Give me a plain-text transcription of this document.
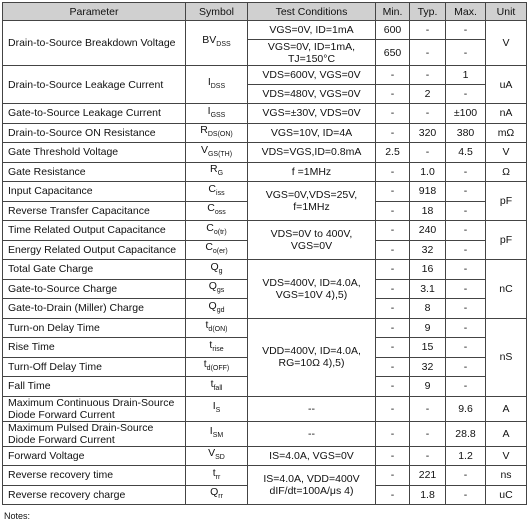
Parameter	Symbol	Test Conditions	Min.	Typ.	Max.	Unit
Drain-to-Source Breakdown Voltage	$BV_{DSS}$	VGS=0V, ID=1mA	600	-	-	V
		VGS=0V, ID=1mA, TJ=150°C	650	-	-	
Drain-to-Source Leakage Current	$I_{DSS}$	VDS=600V, VGS=0V	-	-	1	uA
		VDS=480V, VGS=0V	-	2	-	
Gate-to-Source Leakage Current	$I_{GSS}$	VGS=±30V, VDS=0V	-	-	±100	nA
Drain-to-Source ON Resistance	$R_{DS(ON)}$	VGS=10V, ID=4A	-	320	380	mΩ
Gate Threshold Voltage	$V_{GS(TH)}$	VDS=VGS,ID=0.8mA	2.5	-	4.5	V
Gate Resistance	$R_G$	f =1MHz	-	1.0	-	Ω
Input Capacitance	$C_{iss}$	VGS=0V,VDS=25V, f=1MHz	-	918	-	pF
Reverse Transfer Capacitance	$C_{oss}$		-	18	-	
Time Related Output Capacitance	$C_{o(tr)}$	VDS=0V to 400V, VGS=0V	-	240	-	pF
Energy Related Output Capacitance	$C_{o(er)}$		-	32	-	
Total Gate Charge	$Q_g$	VDS=400V, ID=4.0A, VGS=10V 4),5)	-	16	-	nC
Gate-to-Source Charge	$Q_{gs}$		-	3.1	-	
Gate-to-Drain (Miller) Charge	$Q_{gd}$		-	8	-	
Turn-on Delay Time	$t_{d(ON)}$	VDD=400V, ID=4.0A, RG=10Ω 4),5)	-	9	-	nS
Rise Time	$t_{rise}$		-	15	-	
Turn-Off Delay Time	$t_{d(OFF)}$		-	32	-	
Fall Time	$t_{fall}$		-	9	-	
Maximum Continuous Drain-Source Diode Forward Current	$I_S$	--	-	-	9.6	A
Maximum Pulsed Drain-Source Diode Forward Current	$I_{SM}$	--	-	-	28.8	A
Forward Voltage	$V_{SD}$	IS=4.0A, VGS=0V	-	-	1.2	V
Reverse recovery time	$t_{rr}$	IS=4.0A, VDD=400V dIF/dt=100A/μs 4)	-	221	-	ns
Reverse recovery charge	$Q_{rr}$		-	1.8	-	uC
Notes:
